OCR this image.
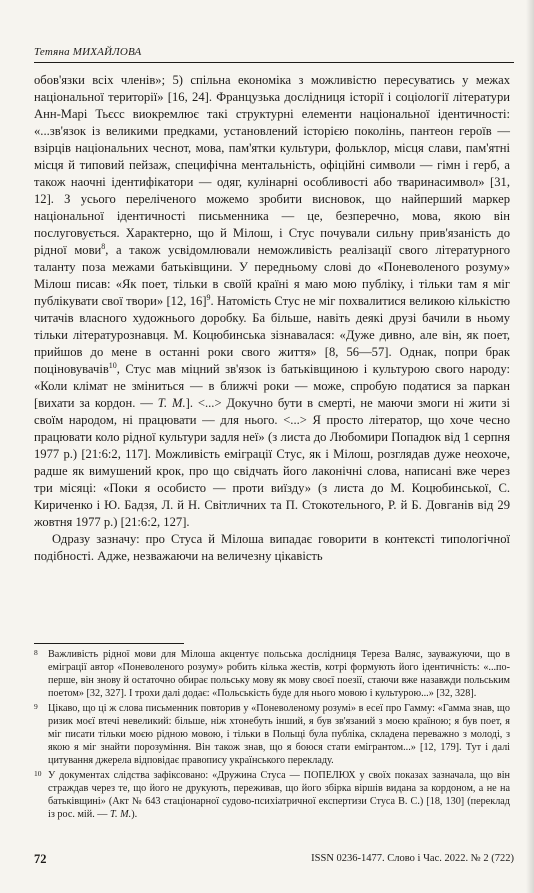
Тетяна МИХАЙЛОВА

обов'язки всіх членів»; 5) спільна економіка з можливістю пересуватись у межах національної території» [16, 24]. Французька дослідниця історії і соціології літератури Анн-Марі Тьєсс виокремлює такі структурні елементи національної ідентичності: «...зв'язок із великими предками, установлений історією поколінь, пантеон героїв — взірців національних чеснот, мова, пам'ятки культури, фольклор, місця слави, пам'ятні місця й типовий пейзаж, специфічна ментальність, офіційні символи — гімн і герб, а також наочні ідентифікатори — одяг, кулінарні особливості або тваринасимвол» [31, 12]. З усього переліченого можемо зробити висновок, що найперший маркер національної ідентичності письменника — це, безперечно, мова, якою він послуговується. Характерно, що й Мілош, і Стус почували сильну прив'язаність до рідної мови$^8$, а також усвідомлювали неможливість реалізації свого літературного таланту поза межами батьківщини. У передньому слові до «Поневоленого розуму» Мілош писав: «Як поет, тільки в своїй країні я маю мою публіку, і тільки там я міг публікувати свої твори» [12, 16]$^9$. Натомість Стус не міг похвалитися великою кількістю читачів власного художнього доробку. Ба більше, навіть деякі друзі бачили в ньому тільки літературознавця. М. Коцюбинська зізнавалася: «Дуже дивно, але він, як поет, прийшов до мене в останні роки свого життя» [8, 56—57]. Однак, попри брак поціновувачів$^{10}$, Стус мав міцний зв'язок із батьківщиною і культурою свого народу: «Коли клімат не зміниться — в ближчі роки — може, спробую податися за паркан [вихати за кордон. — Т. М.]. <...> Докучно бути в смерті, не маючи змоги ні жити зі своїм народом, ні працювати — для нього. <...> Я просто літератор, що хоче чесно працювати коло рідної культури задля неї» (з листа до Любомири Попадюк від 1 серпня 1977 р.) [21:6:2, 117]. Можливість еміграції Стус, як і Мілош, розглядав дуже неохоче, радше як вимушений крок, про що свідчать його лаконічні слова, написані вже через три місяці: «Поки я особисто — проти виїзду» (з листа до М. Коцюбинської, С. Кириченко і Ю. Бадзя, Л. й Н. Світличних та П. Стокотельного, Р. й Б. Довганів від 29 жовтня 1977 р.) [21:6:2, 127].

Одразу зазначу: про Стуса й Мілоша випадає говорити в контексті типологічної подібності. Адже, незважаючи на величезну цікавість

8 Важливість рідної мови для Мілоша акцентує польська дослідниця Тереза Валяс, зауважуючи, що в еміграції автор «Поневоленого розуму» робить кілька жестів, котрі формують його ідентичність: «...по-перше, він знову й остаточно обирає польську мову як мову своєї поезії, стаючи вже назавжди польським поетом» [32, 327]. І трохи далі додає: «Польськість буде для нього мовою і культурою...» [32, 328].
9 Цікаво, що ці ж слова письменник повторив у «Поневоленому розумі» в есеї про Гамму: «Гамма знав, що ризик моєї втечі невеликий: більше, ніж хтонебуть інший, я був зв'язаний з моєю країною; я був поет, я міг писати тільки моєю рідною мовою, і тільки в Польщі була публіка, складена переважно з молоді, з якою я міг знайти порозуміння. Він також знав, що я боюся стати емігрантом...» [12, 179]. Тут і далі цитування джерела відповідає правопису українського перекладу.
10 У документах слідства зафіксовано: «Дружина Стуса — ПОПЕЛЮХ у своїх показах зазначала, що він страждав через те, що його не друкують, переживав, що його збірка віршів видана за кордоном, а не на батьківщині» (Акт № 643 стаціонарної судово-психіатричної експертизи Стуса В. С.) [18, 130] (переклад із рос. мій. — Т. М.).
72	ISSN 0236-1477. Слово і Час. 2022. № 2 (722)
